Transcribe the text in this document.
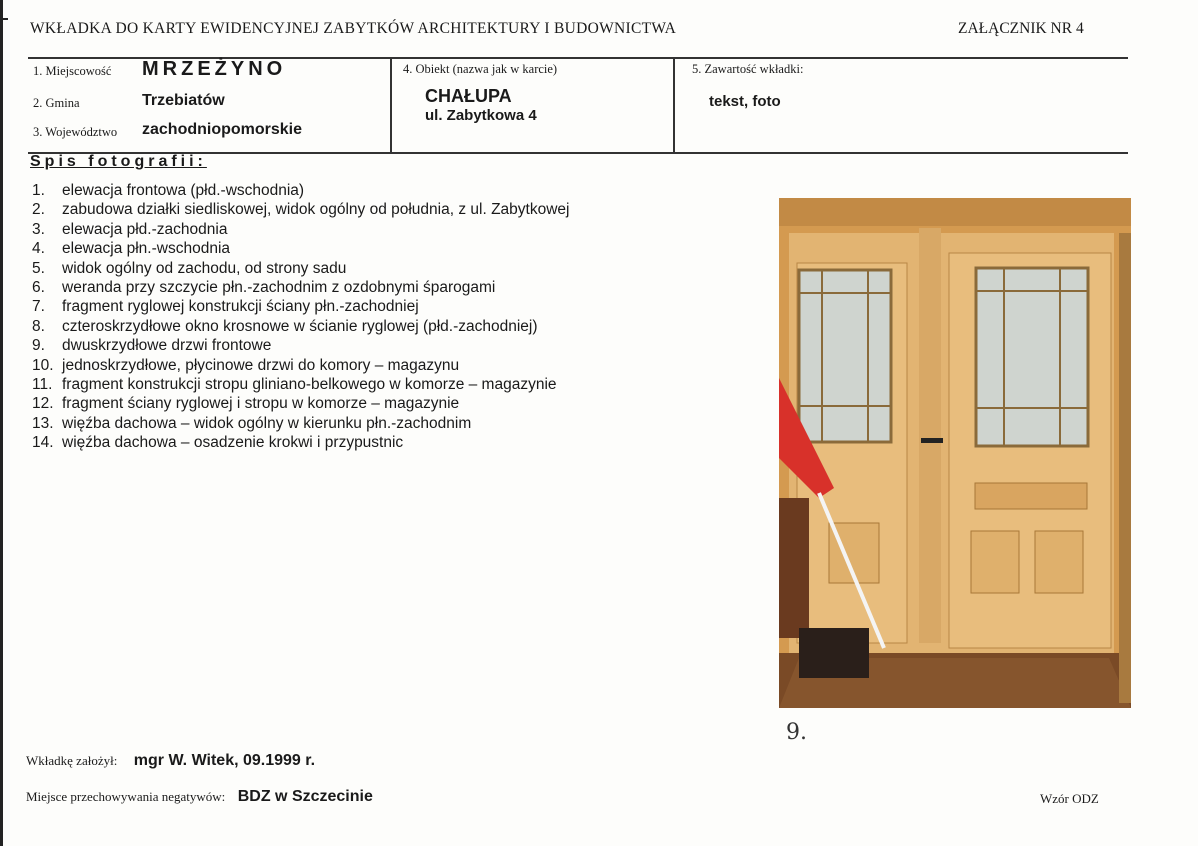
WKŁADKA DO KARTY EWIDENCYJNEJ ZABYTKÓW ARCHITEKTURY I BUDOWNICTWA	ZAŁĄCZNIK NR 4
1. Miejscowość MRZEŻYNO
2. Gmina	Trzebiatów
3. Województwo zachodniopomorskie
4. Obiekt (nazwa jak w karcie)
CHAŁUPA
ul. Zabytkowa 4
5. Zawartość wkładki:
tekst, foto
Spis fotografii:
1. elewacja frontowa (płd.-wschodnia)
2. zabudowa działki siedliskowej, widok ogólny od południa, z ul. Zabytkowej
3. elewacja płd.-zachodnia
4. elewacja płn.-wschodnia
5. widok ogólny od zachodu, od strony sadu
6. weranda przy szczycie płn.-zachodnim z ozdobnymi śparogami
7. fragment ryglowej konstrukcji ściany płn.-zachodniej
8. czteroskrzydłowe okno krosnowe w ścianie ryglowej (płd.-zachodniej)
9. dwuskrzydłowe drzwi frontowe
10. jednoskrzydłowe, płycinowe drzwi do komory – magazynu
11. fragment konstrukcji stropu gliniano-belkowego w komorze – magazynie
12. fragment ściany ryglowej i stropu w komorze – magazynie
13. więźba dachowa – widok ogólny w kierunku płn.-zachodnim
14. więźba dachowa – osadzenie krokwi i przypustnic
9.
Wkładkę założył: mgr W. Witek, 09.1999 r.
Miejsce przechowywania negatywów: BDZ w Szczecinie	Wzór ODZ
